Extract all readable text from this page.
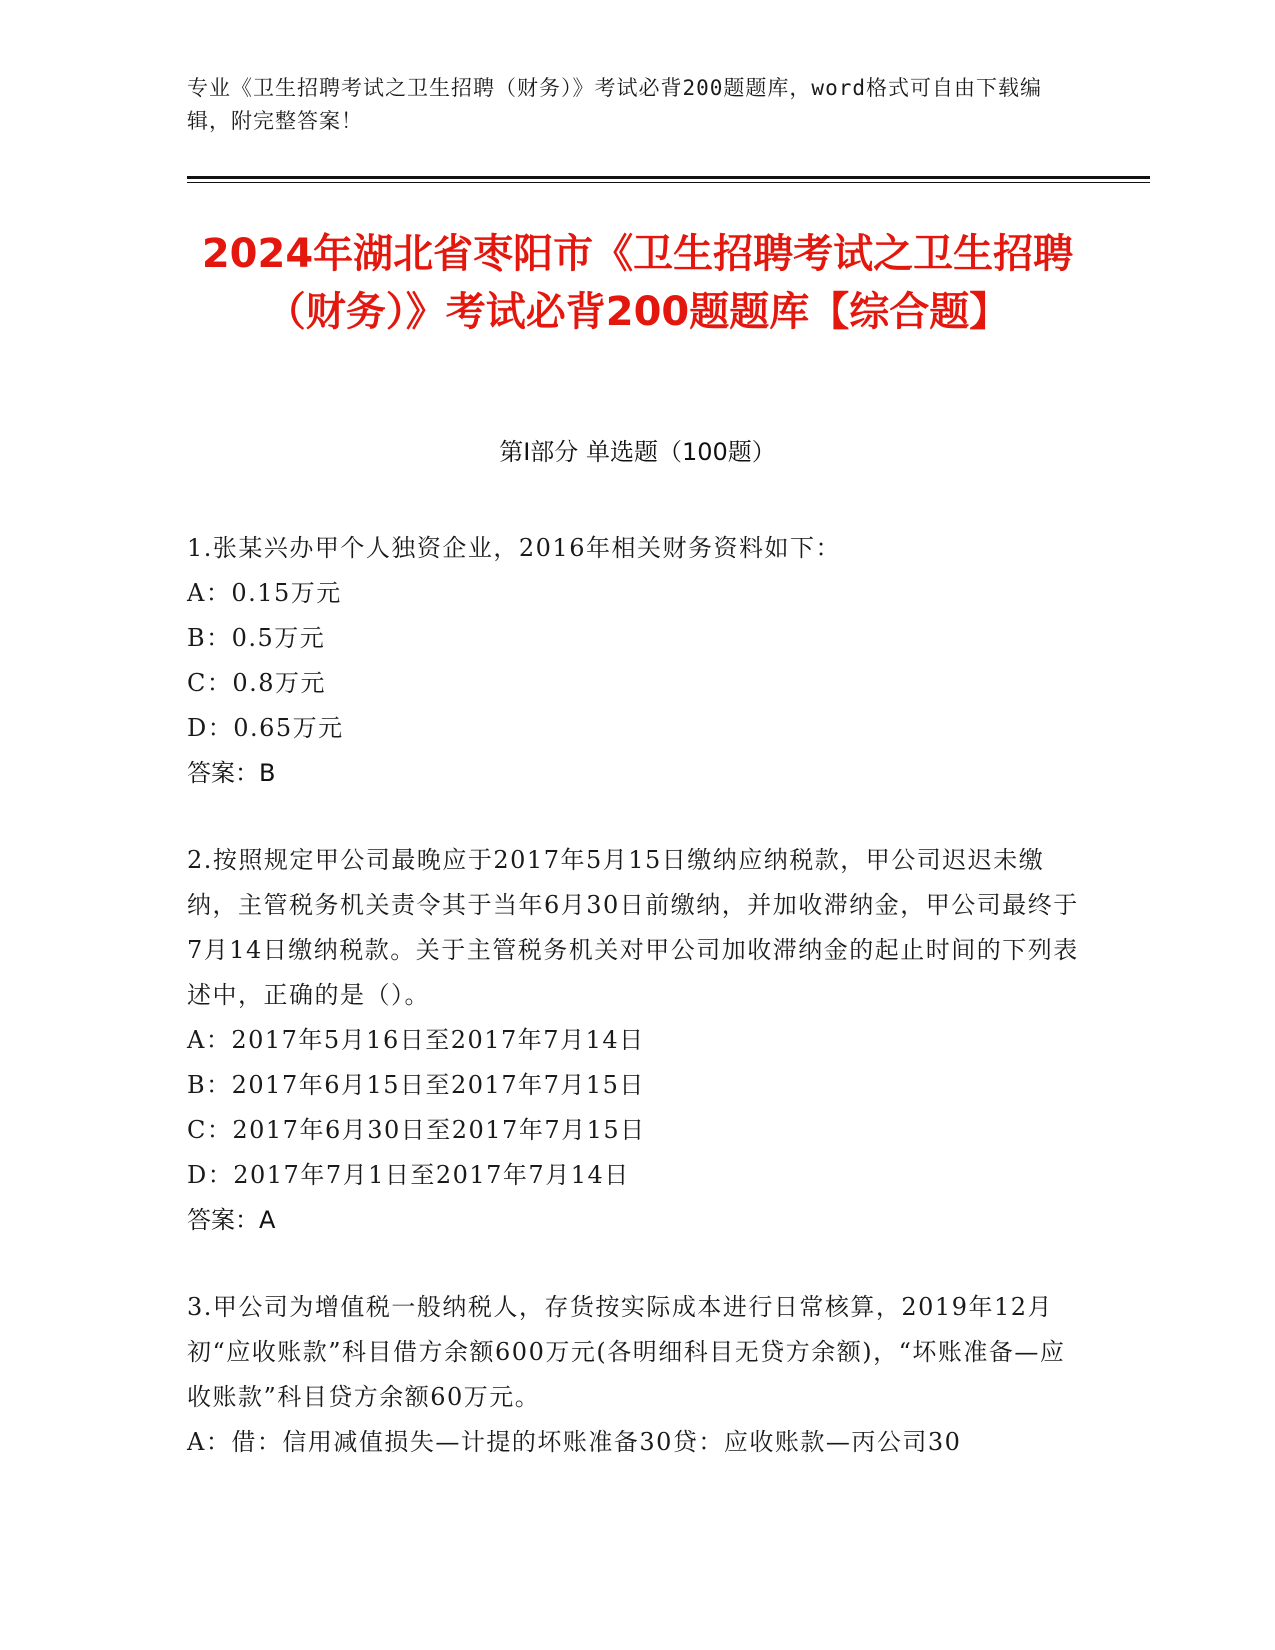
专业《卫生招聘考试之卫生招聘（财务）》考试必背200题题库，word格式可自由下载编辑，附完整答案！
2024年湖北省枣阳市《卫生招聘考试之卫生招聘（财务）》考试必背200题题库【综合题】
第Ⅰ部分 单选题（100题）

1.张某兴办甲个人独资企业，2016年相关财务资料如下：

A：0.15万元

B：0.5万元

C：0.8万元

D：0.65万元

答案：B

2.按照规定甲公司最晚应于2017年5月15日缴纳应纳税款，甲公司迟迟未缴纳，主管税务机关责令其于当年6月30日前缴纳，并加收滞纳金，甲公司最终于7月14日缴纳税款。关于主管税务机关对甲公司加收滞纳金的起止时间的下列表述中，正确的是（）。

A：2017年5月16日至2017年7月14日

B：2017年6月15日至2017年7月15日

C：2017年6月30日至2017年7月15日

D：2017年7月1日至2017年7月14日

答案：A

3.甲公司为增值税一般纳税人，存货按实际成本进行日常核算，2019年12月初“应收账款”科目借方余额600万元(各明细科目无贷方余额)，“坏账准备—应收账款”科目贷方余额60万元。

A：借：信用减值损失—计提的坏账准备30贷：应收账款—丙公司30
